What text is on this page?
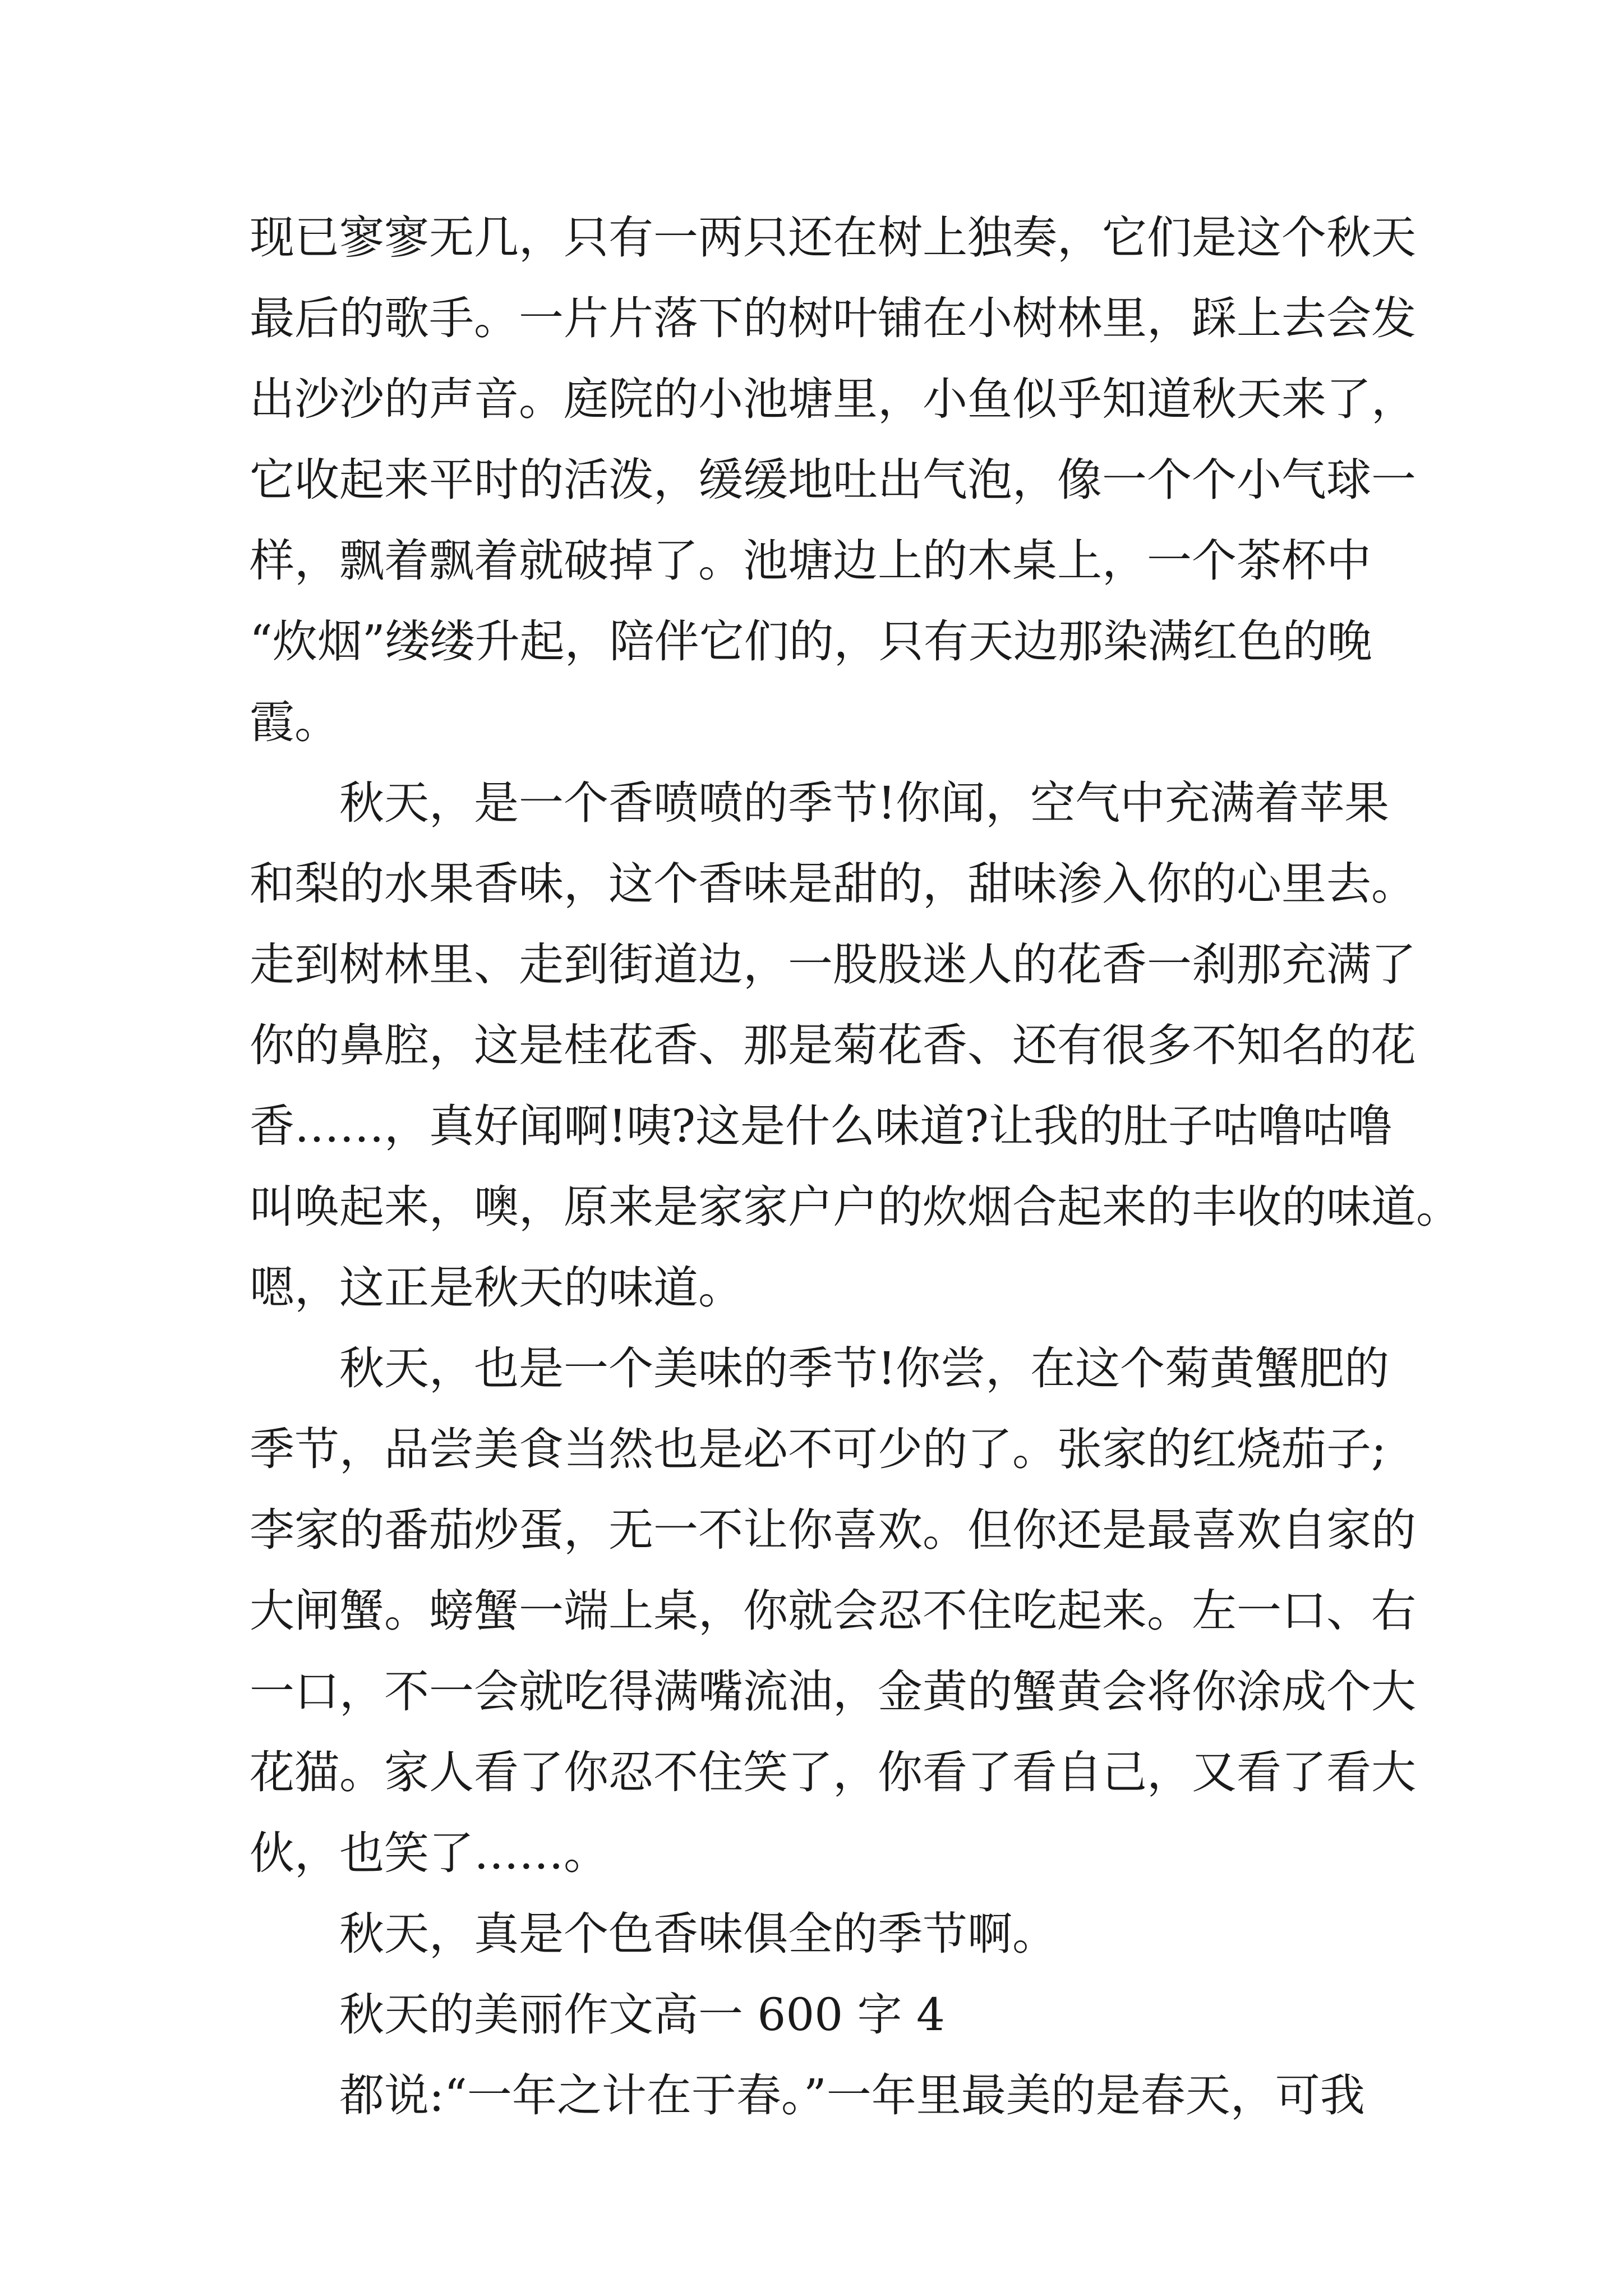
现已寥寥无几，只有一两只还在树上独奏，它们是这个秋天
最后的歌手。一片片落下的树叶铺在小树林里，踩上去会发
出沙沙的声音。庭院的小池塘里，小鱼似乎知道秋天来了，
它收起来平时的活泼，缓缓地吐出气泡，像一个个小气球一
样，飘着飘着就破掉了。池塘边上的木桌上，一个茶杯中
“炊烟”缕缕升起，陪伴它们的，只有天边那染满红色的晚
霞。
秋天，是一个香喷喷的季节!你闻，空气中充满着苹果
和梨的水果香味，这个香味是甜的，甜味渗入你的心里去。
走到树林里、走到街道边，一股股迷人的花香一刹那充满了
你的鼻腔，这是桂花香、那是菊花香、还有很多不知名的花
香……，真好闻啊!咦?这是什么味道?让我的肚子咕噜咕噜
叫唤起来，噢，原来是家家户户的炊烟合起来的丰收的味道。
嗯，这正是秋天的味道。
秋天，也是一个美味的季节!你尝，在这个菊黄蟹肥的
季节，品尝美食当然也是必不可少的了。张家的红烧茄子;
李家的番茄炒蛋，无一不让你喜欢。但你还是最喜欢自家的
大闸蟹。螃蟹一端上桌，你就会忍不住吃起来。左一口、右
一口，不一会就吃得满嘴流油，金黄的蟹黄会将你涂成个大
花猫。家人看了你忍不住笑了，你看了看自己，又看了看大
伙，也笑了……。
秋天，真是个色香味俱全的季节啊。
秋天的美丽作文高一 600 字 4
都说:“一年之计在于春。”一年里最美的是春天，可我
